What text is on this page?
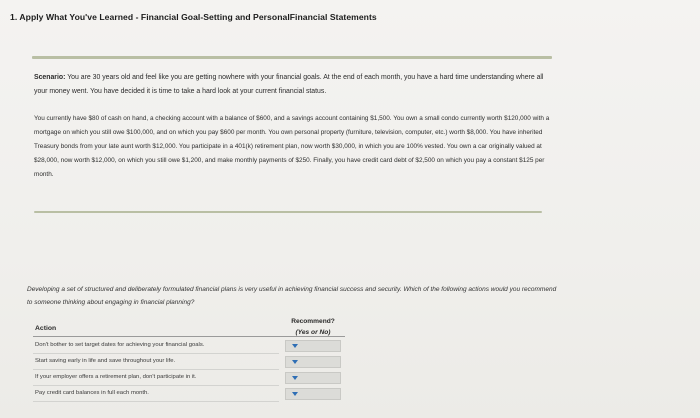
1. Apply What You've Learned - Financial Goal-Setting and PersonalFinancial Statements
Scenario: You are 30 years old and feel like you are getting nowhere with your financial goals. At the end of each month, you have a hard time understanding where all your money went. You have decided it is time to take a hard look at your current financial status.
You currently have $80 of cash on hand, a checking account with a balance of $600, and a savings account containing $1,500. You own a small condo currently worth $120,000 with a mortgage on which you still owe $100,000, and on which you pay $600 per month. You own personal property (furniture, television, computer, etc.) worth $8,000. You have inherited Treasury bonds from your late aunt worth $12,000. You participate in a 401(k) retirement plan, now worth $30,000, in which you are 100% vested. You own a car originally valued at $28,000, now worth $12,000, on which you still owe $1,200, and make monthly payments of $250. Finally, you have credit card debt of $2,500 on which you pay a constant $125 per month.
Developing a set of structured and deliberately formulated financial plans is very useful in achieving financial success and security. Which of the following actions would you recommend to someone thinking about engaging in financial planning?
Recommend?
(Yes or No)
Action
Don't bother to set target dates for achieving your financial goals.
Start saving early in life and save throughout your life.
If your employer offers a retirement plan, don't participate in it.
Pay credit card balances in full each month.
